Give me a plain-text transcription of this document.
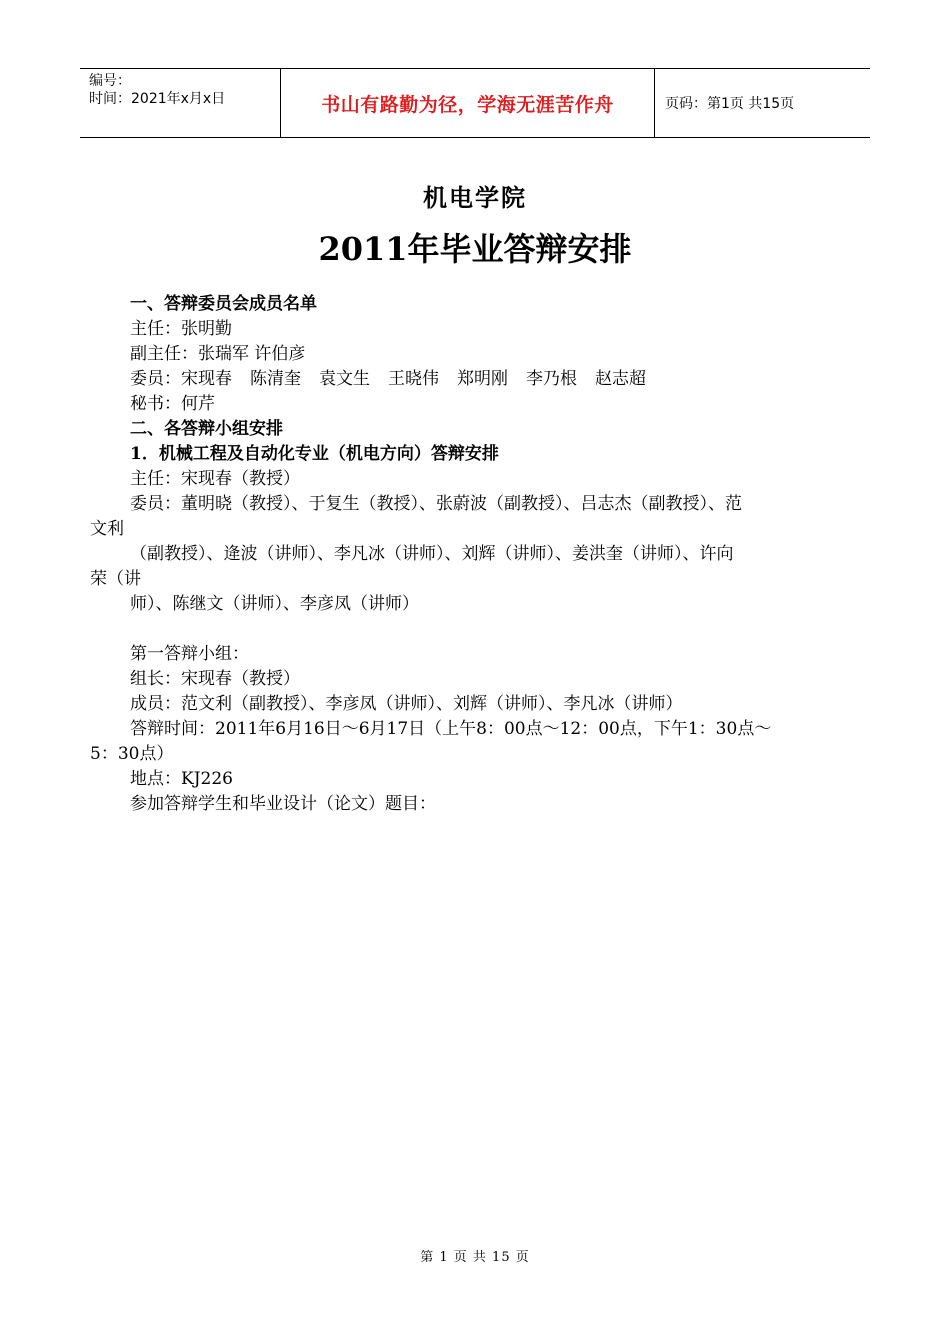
编号：
时间：2021年x月x日	书山有路勤为径，学海无涯苦作舟	页码：第1页 共15页
机电学院
2011年毕业答辩安排
一、答辩委员会成员名单
主任：张明勤
副主任：张瑞军 许伯彦
委员：宋现春 陈清奎 袁文生 王晓伟 郑明刚 李乃根 赵志超
秘书：何芹
二、各答辩小组安排
1．机械工程及自动化专业（机电方向）答辩安排
主任：宋现春（教授）
委员：董明晓（教授）、于复生（教授）、张蔚波（副教授）、吕志杰（副教授）、范
文利
（副教授）、逄波（讲师）、李凡冰（讲师）、刘辉（讲师）、姜洪奎（讲师）、许向
荣（讲
师）、陈继文（讲师）、李彦凤（讲师）
第一答辩小组：
组长：宋现春（教授）
成员：范文利（副教授）、李彦凤（讲师）、刘辉（讲师）、李凡冰（讲师）
答辩时间：2011年6月16日～6月17日（上午8：00点～12：00点，下午1：30点～
5：30点）
地点：KJ226
参加答辩学生和毕业设计（论文）题目：
第 1 页 共 15 页
